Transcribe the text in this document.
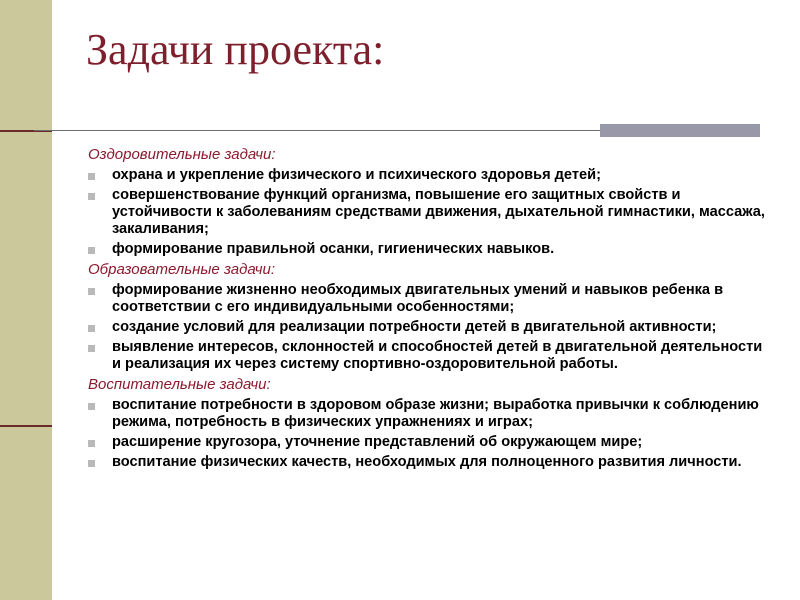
Задачи проекта:
Оздоровительные задачи:
охрана и укрепление физического и психического здоровья детей;
совершенствование функций организма, повышение его защитных свойств и устойчивости к заболеваниям средствами движения, дыхательной гимнастики, массажа, закаливания;
формирование правильной осанки, гигиенических навыков.
Образовательные задачи:
формирование жизненно необходимых двигательных умений и навыков ребенка в соответствии с его индивидуальными особенностями;
создание условий для реализации потребности детей в двигательной активности;
выявление интересов, склонностей и способностей детей в двигательной деятельности и реализация их через систему спортивно-оздоровительной работы.
Воспитательные задачи:
воспитание потребности в здоровом образе жизни; выработка привычки к соблюдению режима, потребность в физических упражнениях и играх;
расширение кругозора, уточнение представлений об окружающем мире;
воспитание физических качеств, необходимых для полноценного развития личности.
